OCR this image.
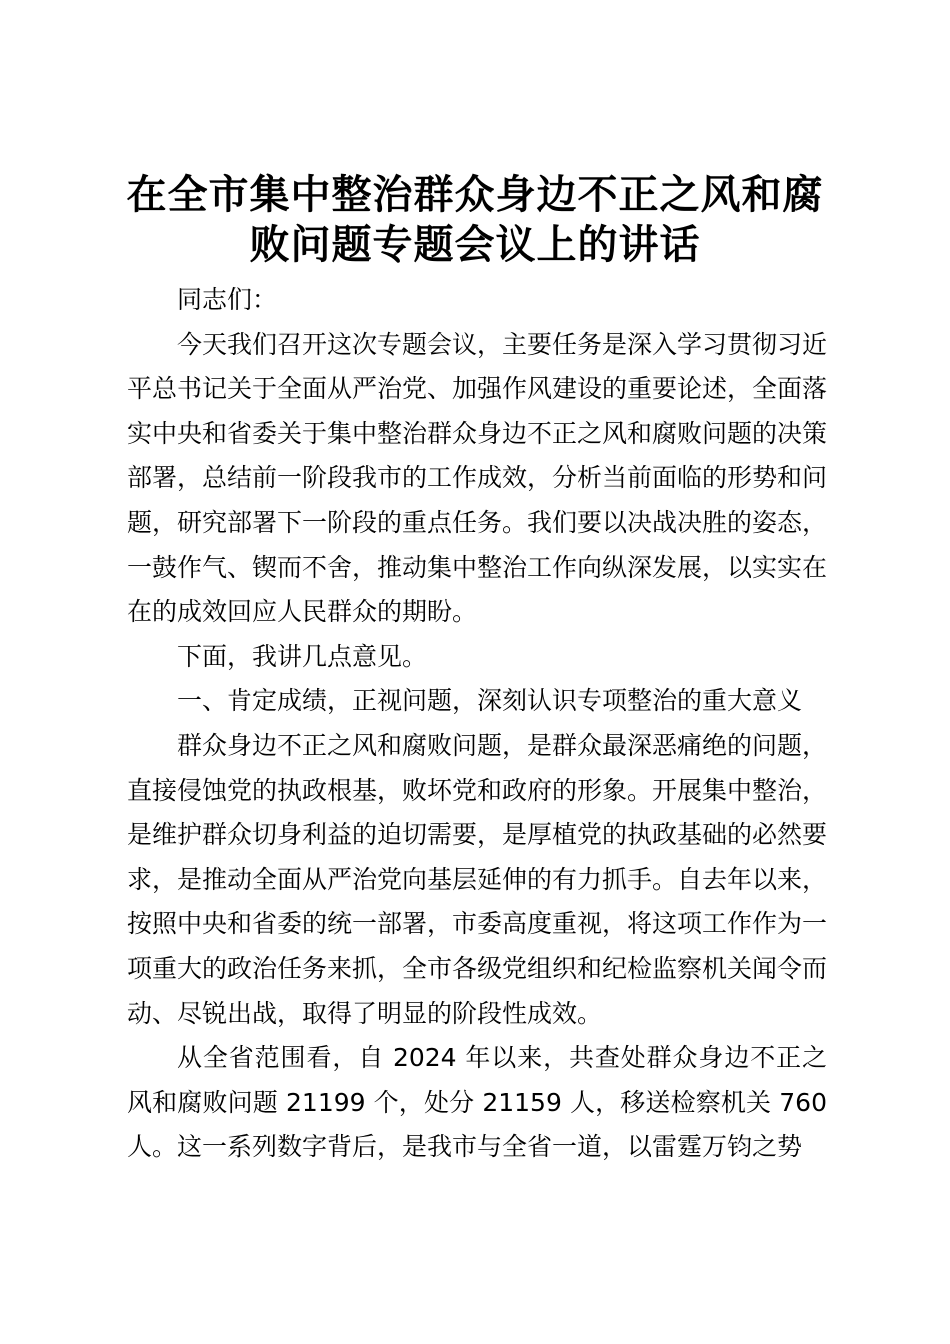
在全市集中整治群众身边不正之风和腐
败问题专题会议上的讲话

同志们：

今天我们召开这次专题会议，主要任务是深入学习贯彻习近平总书记关于全面从严治党、加强作风建设的重要论述，全面落实中央和省委关于集中整治群众身边不正之风和腐败问题的决策部署，总结前一阶段我市的工作成效，分析当前面临的形势和问题，研究部署下一阶段的重点任务。我们要以决战决胜的姿态，一鼓作气、锲而不舍，推动集中整治工作向纵深发展，以实实在在的成效回应人民群众的期盼。

下面，我讲几点意见。

一、肯定成绩，正视问题，深刻认识专项整治的重大意义

群众身边不正之风和腐败问题，是群众最深恶痛绝的问题，直接侵蚀党的执政根基，败坏党和政府的形象。开展集中整治，是维护群众切身利益的迫切需要，是厚植党的执政基础的必然要求，是推动全面从严治党向基层延伸的有力抓手。自去年以来，按照中央和省委的统一部署，市委高度重视，将这项工作作为一项重大的政治任务来抓，全市各级党组织和纪检监察机关闻令而动、尽锐出战，取得了明显的阶段性成效。

从全省范围看，自 2024 年以来，共查处群众身边不正之风和腐败问题 21199 个，处分 21159 人，移送检察机关 760 人。这一系列数字背后，是我市与全省一道，以雷霆万钧之势
